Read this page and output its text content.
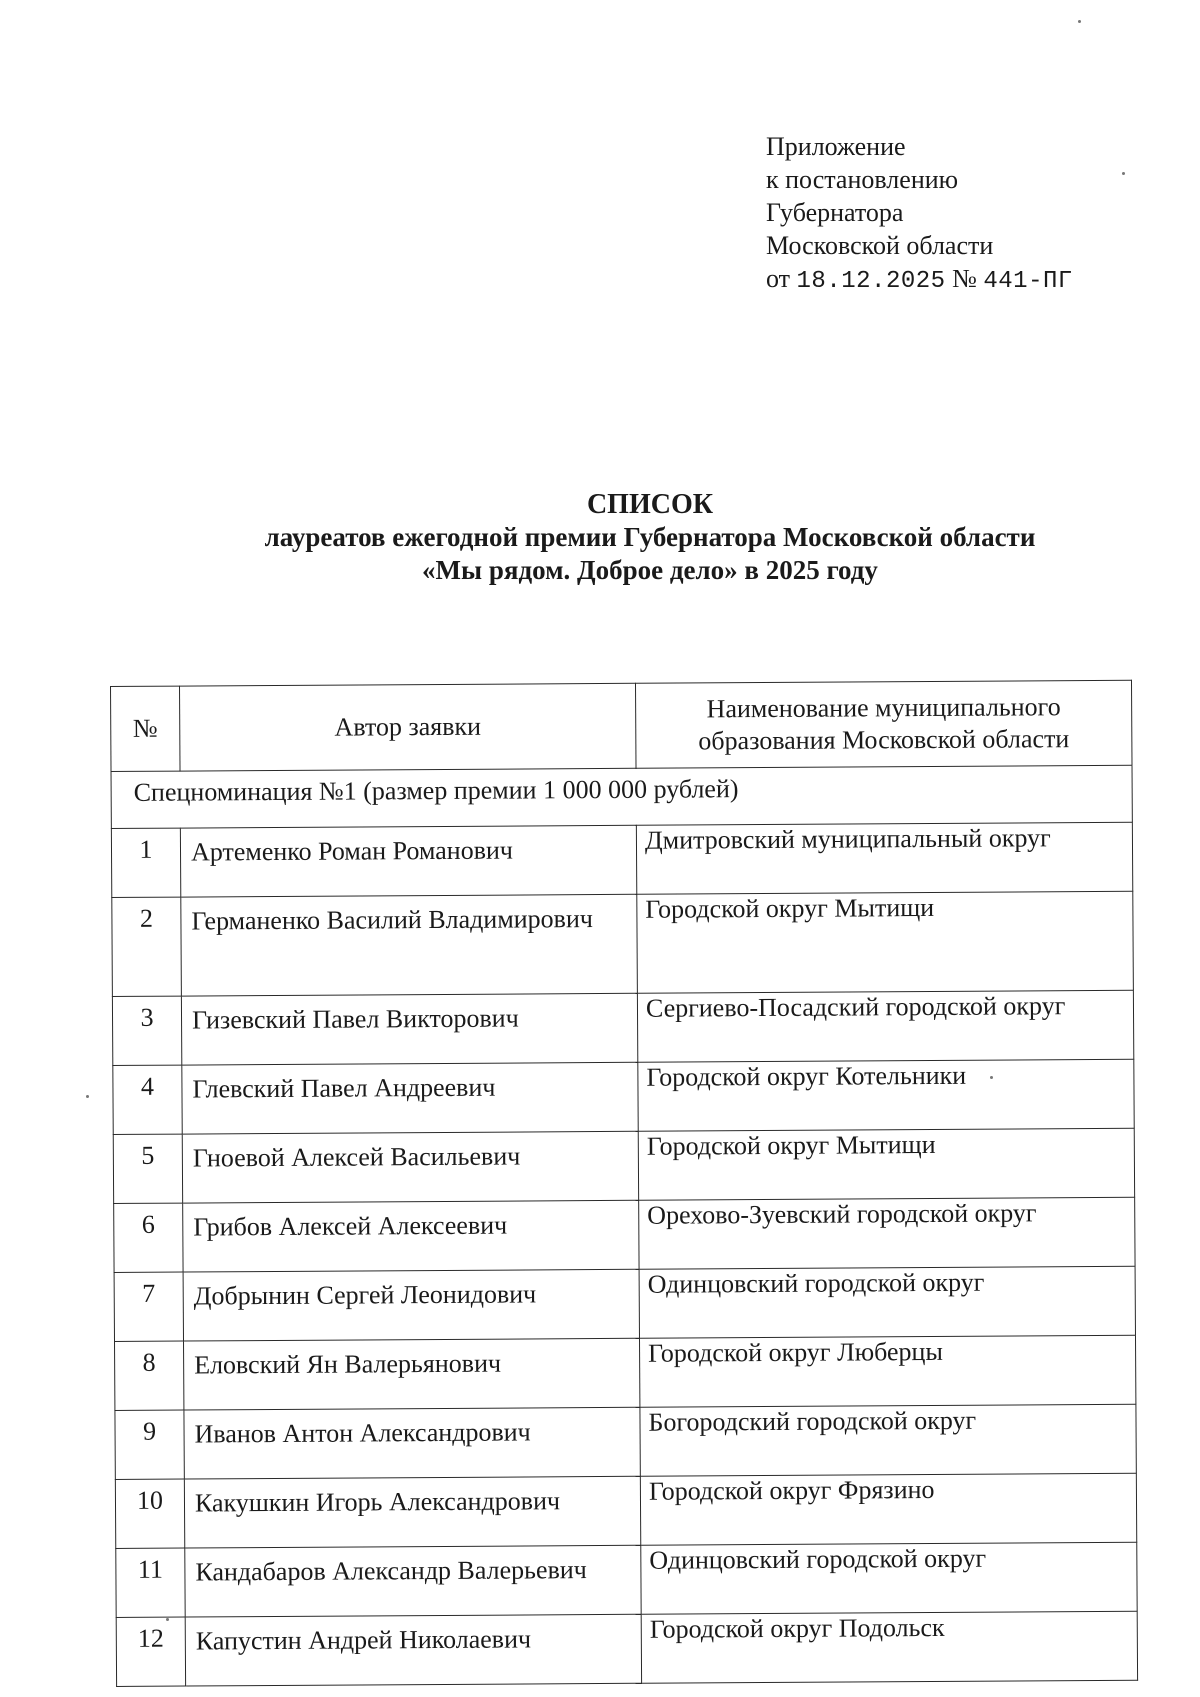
Приложение
к постановлению
Губернатора
Московской области
от 18.12.2025 № 441-ПГ
СПИСОК
лауреатов ежегодной премии Губернатора Московской области
«Мы рядом. Доброе дело» в 2025 году
№	Автор заявки	Наименование муниципального образования Московской области
Спецноминация №1 (размер премии 1 000 000 рублей)		
1	Артеменко Роман Романович	Дмитровский муниципальный округ
2	Германенко Василий Владимирович	Городской округ Мытищи
3	Гизевский Павел Викторович	Сергиево-Посадский городской округ
4	Глевский Павел Андреевич	Городской округ Котельники
5	Гноевой Алексей Васильевич	Городской округ Мытищи
6	Грибов Алексей Алексеевич	Орехово-Зуевский городской округ
7	Добрынин Сергей Леонидович	Одинцовский городской округ
8	Еловский Ян Валерьянович	Городской округ Люберцы
9	Иванов Антон Александрович	Богородский городской округ
10	Какушкин Игорь Александрович	Городской округ Фрязино
11	Кандабаров Александр Валерьевич	Одинцовский городской округ
12	Капустин Андрей Николаевич	Городской округ Подольск
